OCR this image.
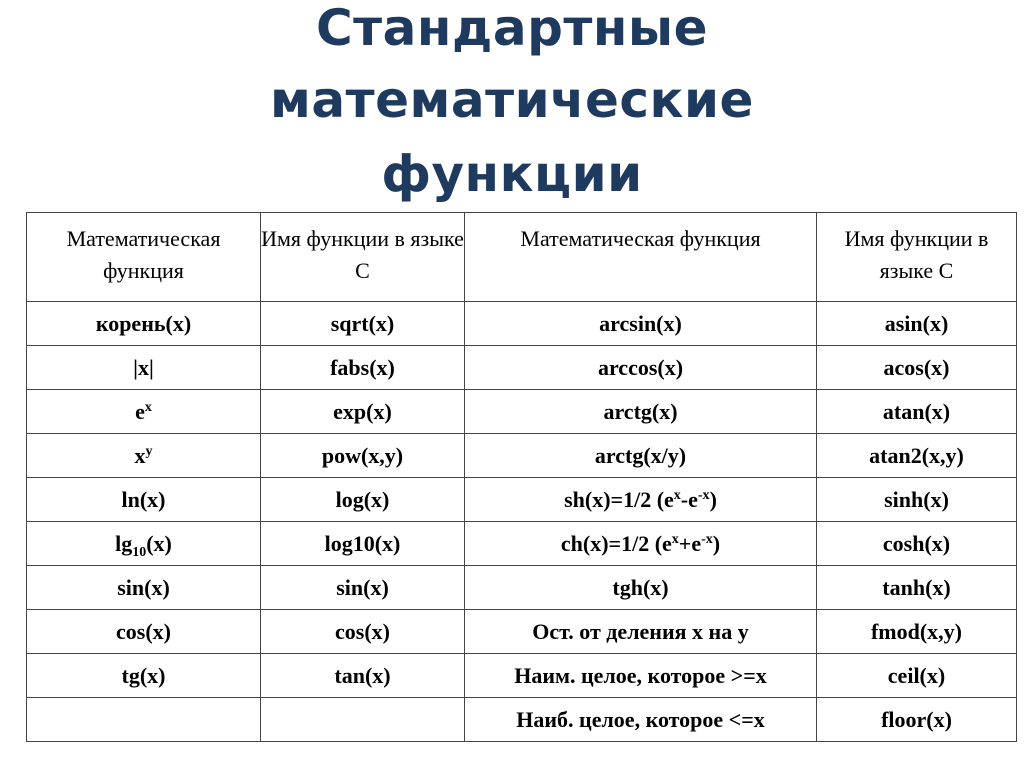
Стандартные
математические
функции
Математическая функция	Имя функции в языке С	Математическая функция	Имя функции в языке С
корень(x)	sqrt(x)	arcsin(x)	asin(x)
|x|	fabs(x)	arccos(x)	acos(x)
$e^x$	exp(x)	arctg(x)	atan(x)
$x^y$	pow(x,y)	arctg(x/y)	atan2(x,y)
ln(x)	log(x)	sh(x)=1/2 $(e^x-e^{-x})$	sinh(x)
$\lg_{10}(x)$	log10(x)	ch(x)=1/2 $(e^x+e^{-x})$	cosh(x)
sin(x)	sin(x)	tgh(x)	tanh(x)
cos(x)	cos(x)	Ост. от деления x на y	fmod(x,y)
tg(x)	tan(x)	Наим. целое, которое >=x	ceil(x)
		Наиб. целое, которое <=x	floor(x)
